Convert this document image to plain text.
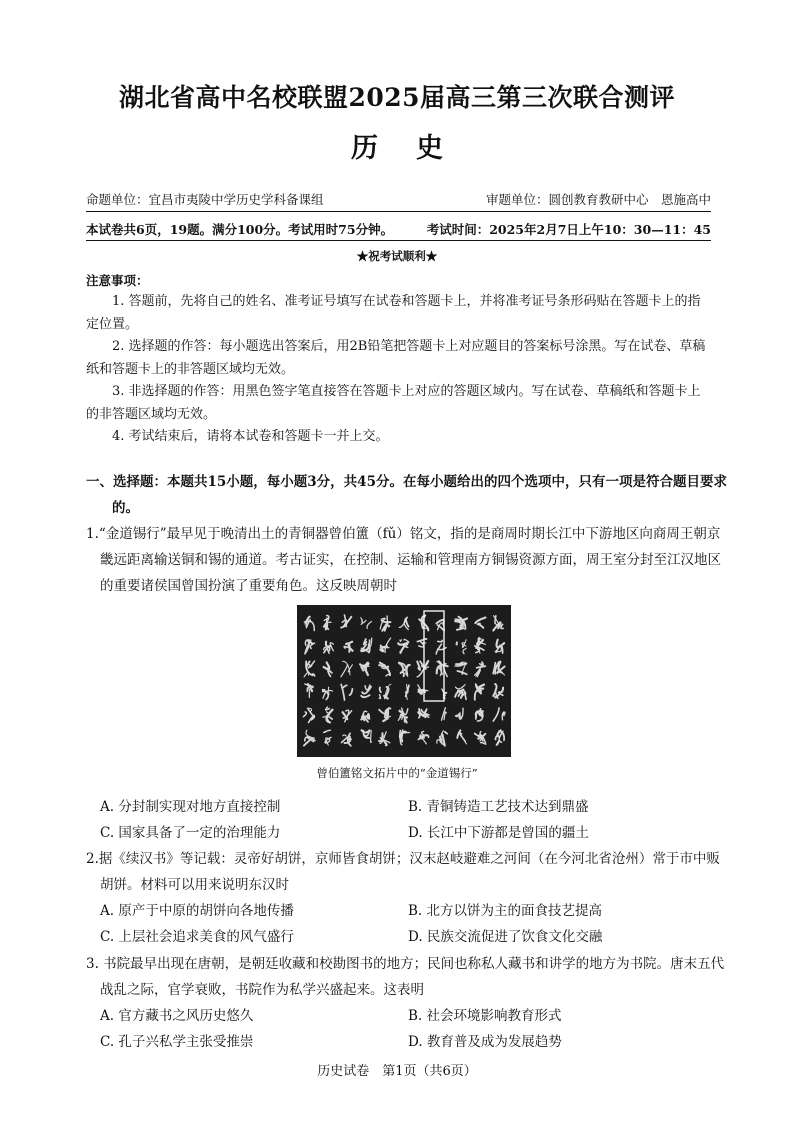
湖北省高中名校联盟2025届高三第三次联合测评
历史
命题单位：宜昌市夷陵中学历史学科备课组	审题单位：圆创教育教研中心　恩施高中
本试卷共6页，19题。满分100分。考试用时75分钟。	考试时间：2025年2月7日上午10：30—11：45
★祝考试顺利★
注意事项：

1. 答题前，先将自己的姓名、准考证号填写在试卷和答题卡上，并将准考证号条形码贴在答题卡上的指定位置。

2. 选择题的作答：每小题选出答案后，用2B铅笔把答题卡上对应题目的答案标号涂黑。写在试卷、草稿纸和答题卡上的非答题区域均无效。

3. 非选择题的作答：用黑色签字笔直接答在答题卡上对应的答题区域内。写在试卷、草稿纸和答题卡上的非答题区域均无效。

4. 考试结束后，请将本试卷和答题卡一并上交。

一、选择题：本题共15小题，每小题3分，共45分。在每小题给出的四个选项中，只有一项是符合题目要求的。
1.“金道锡行”最早见于晚清出土的青铜器曾伯簠（fǔ）铭文，指的是商周时期长江中下游地区向商周王朝京畿远距离输送铜和锡的通道。考古证实，在控制、运输和管理南方铜锡资源方面，周王室分封至江汉地区的重要诸侯国曾国扮演了重要角色。这反映周朝时
曾伯簠铭文拓片中的“金道锡行”
A. 分封制实现对地方直接控制	B. 青铜铸造工艺技术达到鼎盛
C. 国家具备了一定的治理能力	D. 长江中下游都是曾国的疆土
2.据《续汉书》等记载：灵帝好胡饼，京师皆食胡饼；汉末赵岐避难之河间（在今河北省沧州）常于市中贩胡饼。材料可以用来说明东汉时
A. 原产于中原的胡饼向各地传播	B. 北方以饼为主的面食技艺提高
C. 上层社会追求美食的风气盛行	D. 民族交流促进了饮食文化交融
3. 书院最早出现在唐朝，是朝廷收藏和校勘图书的地方；民间也称私人藏书和讲学的地方为书院。唐末五代战乱之际，官学衰败，书院作为私学兴盛起来。这表明
A. 官方藏书之风历史悠久	B. 社会环境影响教育形式
C. 孔子兴私学主张受推崇	D. 教育普及成为发展趋势
历史试卷　第1页（共6页）
